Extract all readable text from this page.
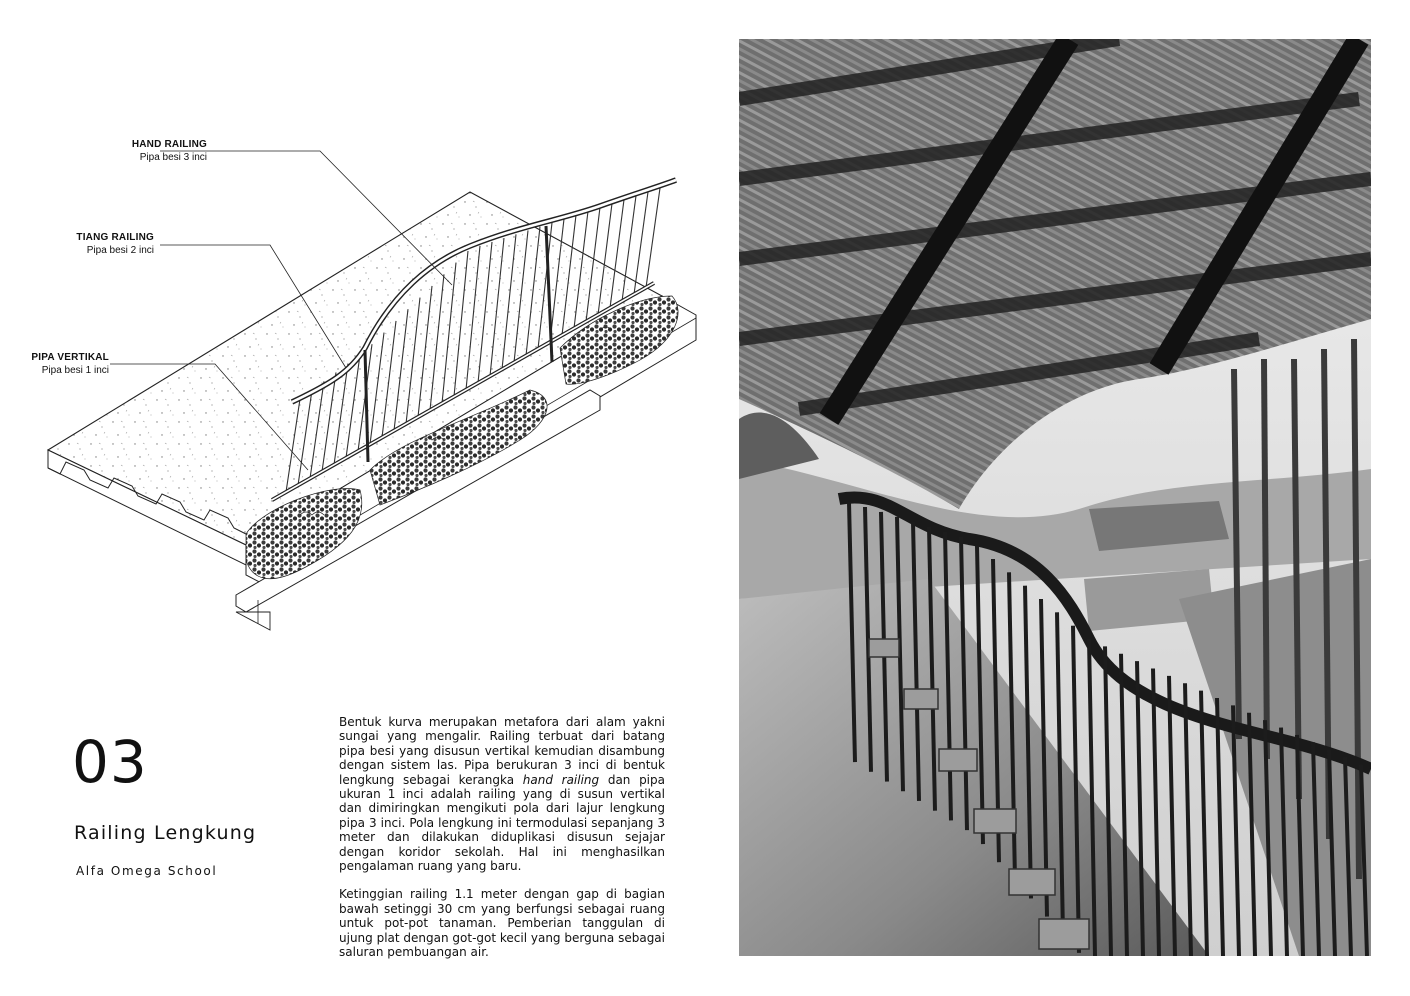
HAND RAILING
Pipa besi 3 inci
TIANG RAILING
Pipa besi 2 inci
PIPA VERTIKAL
Pipa besi 1 inci
03
Railing Lengkung
Alfa Omega School

Bentuk kurva merupakan metafora dari alam yakni sungai yang mengalir. Railing terbuat dari batang pipa besi yang disusun vertikal kemudian disambung dengan sistem las. Pipa berukuran 3 inci di bentuk lengkung sebagai kerangka hand railing dan pipa ukuran 1 inci adalah railing yang di susun vertikal dan dimiringkan mengikuti pola dari lajur lengkung pipa 3 inci. Pola lengkung ini termodulasi sepanjang 3 meter dan dilakukan diduplikasi disusun sejajar dengan koridor sekolah. Hal ini menghasilkan pengalaman ruang yang baru.

Ketinggian railing 1.1 meter dengan gap di bagian bawah setinggi 30 cm yang berfungsi sebagai ruang untuk pot-pot tanaman. Pemberian tanggulan di ujung plat dengan got-got kecil yang berguna sebagai saluran pembuangan air.
